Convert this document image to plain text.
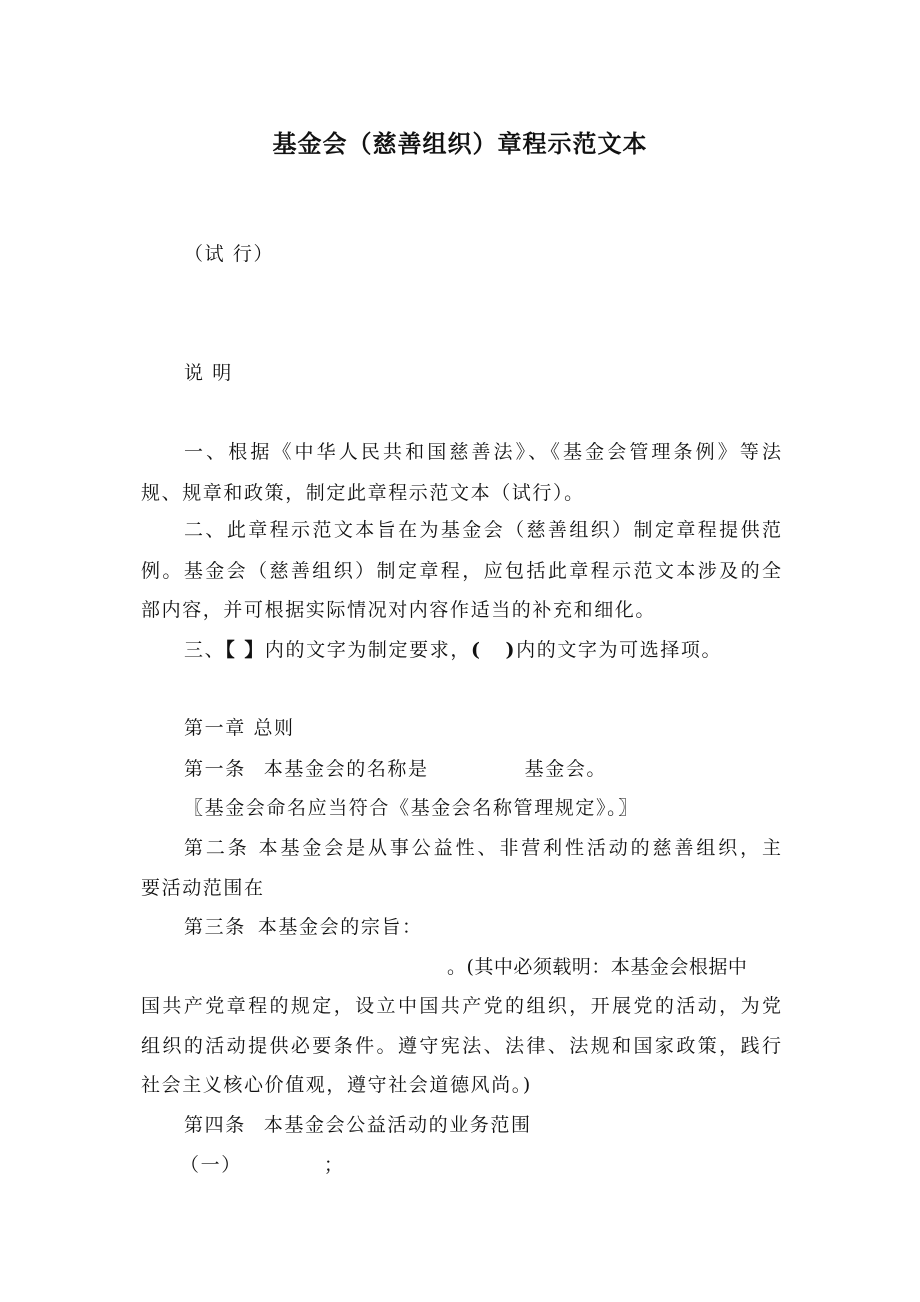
基金会（慈善组织）章程示范文本
（试 行）
说 明
一、根据《中华人民共和国慈善法》、《基金会管理条例》等法
规、规章和政策，制定此章程示范文本（试行）。
二、此章程示范文本旨在为基金会（慈善组织）制定章程提供范
例。基金会（慈善组织）制定章程，应包括此章程示范文本涉及的全
部内容，并可根据实际情况对内容作适当的补充和细化。
三、【 】内的文字为制定要求，( )内的文字为可选择项。
第一章 总则
第一条 本基金会的名称是	基金会。
〖基金会命名应当符合《基金会名称管理规定》。〗
第二条 本基金会是从事公益性、非营利性活动的慈善组织，主
要活动范围在
第三条 本基金会的宗旨：
。(其中必须载明：本基金会根据中
国共产党章程的规定，设立中国共产党的组织，开展党的活动，为党
组织的活动提供必要条件。遵守宪法、法律、法规和国家政策，践行
社会主义核心价值观，遵守社会道德风尚。)
第四条 本基金会公益活动的业务范围
（一）	；
